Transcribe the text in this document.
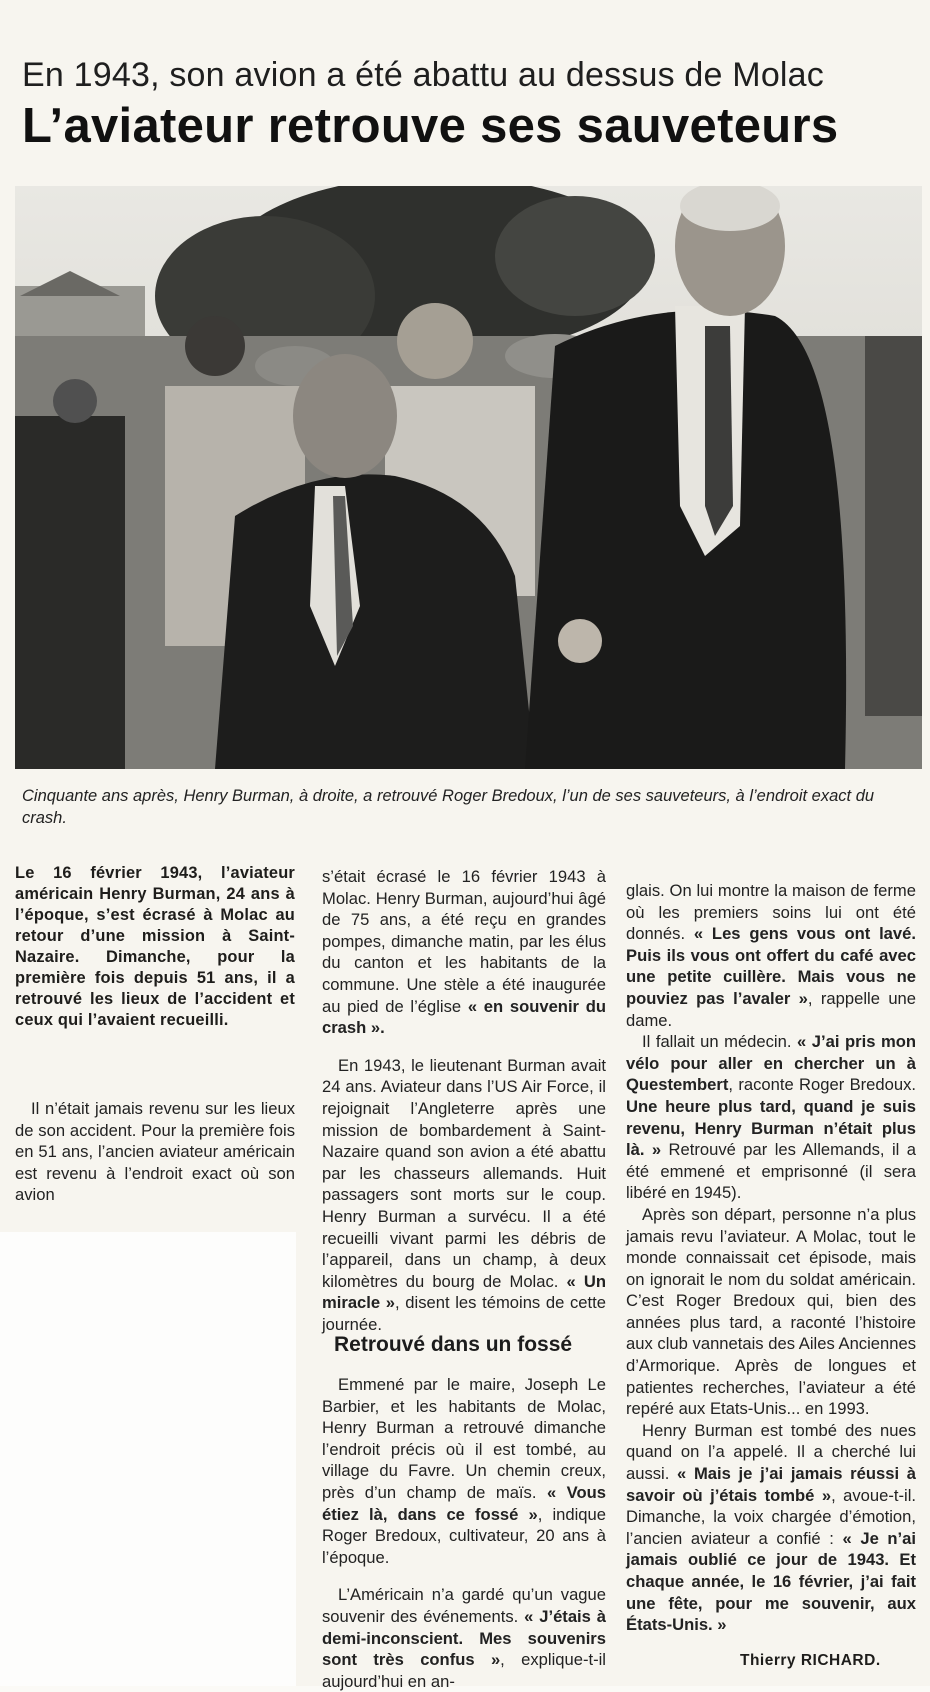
En 1943, son avion a été abattu au dessus de Molac
L’aviateur retrouve ses sauveteurs
Cinquante ans après, Henry Burman, à droite, a retrouvé Roger Bredoux, l’un de ses sauveteurs, à l’endroit exact du crash.
Le 16 février 1943, l’aviateur américain Henry Burman, 24 ans à l’époque, s’est écrasé à Molac au retour d’une mission à Saint-Nazaire. Dimanche, pour la première fois depuis 51 ans, il a retrouvé les lieux de l’accident et ceux qui l’avaient recueilli.

Il n’était jamais revenu sur les lieux de son accident. Pour la première fois en 51 ans, l’ancien aviateur américain est revenu à l’endroit exact où son avion

s’était écrasé le 16 février 1943 à Molac. Henry Burman, aujourd’hui âgé de 75 ans, a été reçu en grandes pompes, dimanche matin, par les élus du canton et les habitants de la commune. Une stèle a été inaugurée au pied de l’église « en souvenir du crash ».

En 1943, le lieutenant Burman avait 24 ans. Aviateur dans l’US Air Force, il rejoignait l’Angleterre après une mission de bombardement à Saint-Nazaire quand son avion a été abattu par les chasseurs allemands. Huit passagers sont morts sur le coup. Henry Burman a survécu. Il a été recueilli vivant parmi les débris de l’appareil, dans un champ, à deux kilomètres du bourg de Molac. « Un miracle », disent les témoins de cette journée.

Retrouvé dans un fossé

Emmené par le maire, Joseph Le Barbier, et les habitants de Molac, Henry Burman a retrouvé dimanche l’endroit précis où il est tombé, au village du Favre. Un chemin creux, près d’un champ de maïs. « Vous étiez là, dans ce fossé », indique Roger Bredoux, cultivateur, 20 ans à l’époque.

L’Américain n’a gardé qu’un vague souvenir des événements. « J’étais à demi-inconscient. Mes souvenirs sont très confus », explique-t-il aujourd’hui en an-

glais. On lui montre la maison de ferme où les premiers soins lui ont été donnés. « Les gens vous ont lavé. Puis ils vous ont offert du café avec une petite cuillère. Mais vous ne pouviez pas l’avaler », rappelle une dame.

Il fallait un médecin. « J’ai pris mon vélo pour aller en chercher un à Questembert, raconte Roger Bredoux. Une heure plus tard, quand je suis revenu, Henry Burman n’était plus là. » Retrouvé par les Allemands, il a été emmené et emprisonné (il sera libéré en 1945).

Après son départ, personne n’a plus jamais revu l’aviateur. A Molac, tout le monde connaissait cet épisode, mais on ignorait le nom du soldat américain. C’est Roger Bredoux qui, bien des années plus tard, a raconté l’histoire aux club vannetais des Ailes Anciennes d’Armorique. Après de longues et patientes recherches, l’aviateur a été repéré aux Etats-Unis... en 1993.

Henry Burman est tombé des nues quand on l’a appelé. Il a cherché lui aussi. « Mais je j’ai jamais réussi à savoir où j’étais tombé », avoue-t-il. Dimanche, la voix chargée d’émotion, l’ancien aviateur a confié : « Je n’ai jamais oublié ce jour de 1943. Et chaque année, le 16 février, j’ai fait une fête, pour me souvenir, aux États-Unis. »

Thierry RICHARD.
